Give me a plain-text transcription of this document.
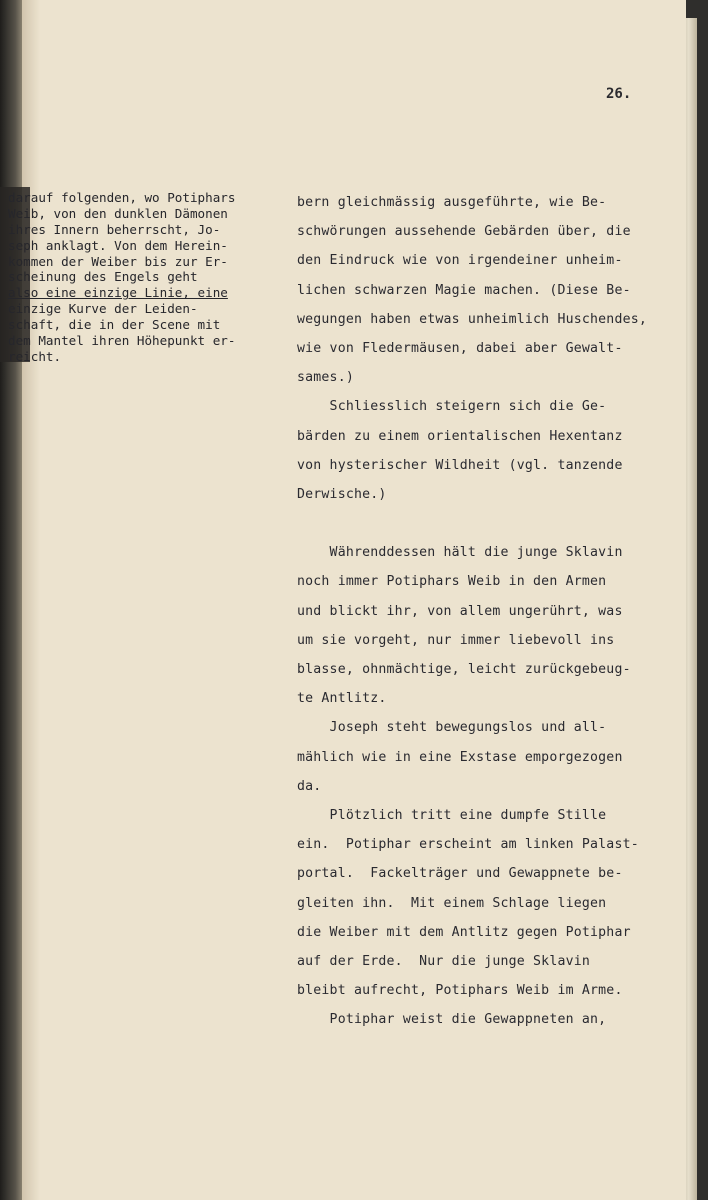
26.
darauf folgenden, wo Potiphars
Weib, von den dunklen Dämonen
ihres Innern beherrscht, Jo-
seph anklagt. Von dem Herein-
kommen der Weiber bis zur Er-
scheinung des Engels geht
also eine einzige Linie, eine
einzige Kurve der Leiden-
schaft, die in der Scene mit
dem Mantel ihren Höhepunkt er-
reicht.
bern gleichmässig ausgeführte, wie Be-
schwörungen aussehende Gebärden über, die
den Eindruck wie von irgendeiner unheim-
lichen schwarzen Magie machen. (Diese Be-
wegungen haben etwas unheimlich Huschendes,
wie von Fledermäusen, dabei aber Gewalt-
sames.)
Schliesslich steigern sich die Ge-
bärden zu einem orientalischen Hexentanz
von hysterischer Wildheit (vgl. tanzende
Derwische.)
Währenddessen hält die junge Sklavin
noch immer Potiphars Weib in den Armen
und blickt ihr, von allem ungerührt, was
um sie vorgeht, nur immer liebevoll ins
blasse, ohnmächtige, leicht zurückgebeug-
te Antlitz.
Joseph steht bewegungslos und all-
mählich wie in eine Exstase emporgezogen
da.
Plötzlich tritt eine dumpfe Stille
ein.  Potiphar erscheint am linken Palast-
portal.  Fackelträger und Gewappnete be-
gleiten ihn.  Mit einem Schlage liegen
die Weiber mit dem Antlitz gegen Potiphar
auf der Erde.  Nur die junge Sklavin
bleibt aufrecht, Potiphars Weib im Arme.
Potiphar weist die Gewappneten an,
